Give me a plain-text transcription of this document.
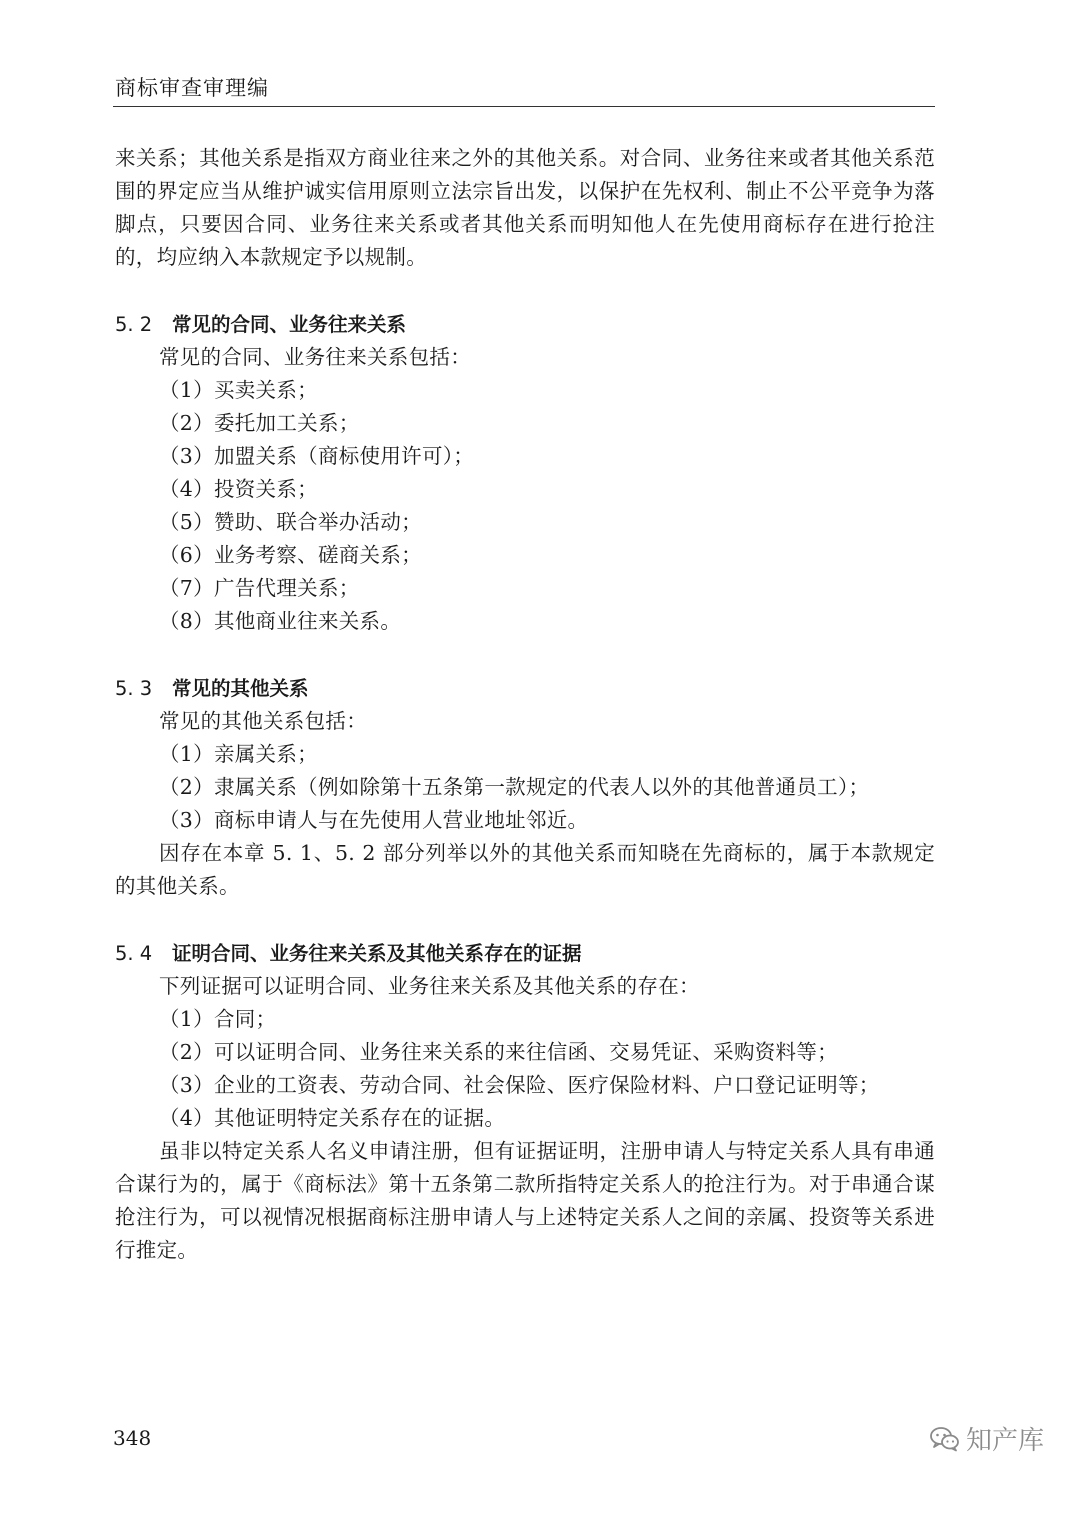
商标审查审理编

来关系；其他关系是指双方商业往来之外的其他关系。对合同、业务往来或者其他关系范围的界定应当从维护诚实信用原则立法宗旨出发，以保护在先权利、制止不公平竞争为落脚点，只要因合同、业务往来关系或者其他关系而明知他人在先使用商标存在进行抢注的，均应纳入本款规定予以规制。

5. 2 常见的合同、业务往来关系

常见的合同、业务往来关系包括：

（1）买卖关系；

（2）委托加工关系；

（3）加盟关系（商标使用许可）；

（4）投资关系；

（5）赞助、联合举办活动；

（6）业务考察、磋商关系；

（7）广告代理关系；

（8）其他商业往来关系。

5. 3 常见的其他关系

常见的其他关系包括：

（1）亲属关系；

（2）隶属关系（例如除第十五条第一款规定的代表人以外的其他普通员工）；

（3）商标申请人与在先使用人营业地址邻近。

因存在本章 5. 1、5. 2 部分列举以外的其他关系而知晓在先商标的，属于本款规定的其他关系。

5. 4 证明合同、业务往来关系及其他关系存在的证据

下列证据可以证明合同、业务往来关系及其他关系的存在：

（1）合同；

（2）可以证明合同、业务往来关系的来往信函、交易凭证、采购资料等；

（3）企业的工资表、劳动合同、社会保险、医疗保险材料、户口登记证明等；

（4）其他证明特定关系存在的证据。

虽非以特定关系人名义申请注册，但有证据证明，注册申请人与特定关系人具有串通合谋行为的，属于《商标法》第十五条第二款所指特定关系人的抢注行为。对于串通合谋抢注行为，可以视情况根据商标注册申请人与上述特定关系人之间的亲属、投资等关系进行推定。

348	知产库
